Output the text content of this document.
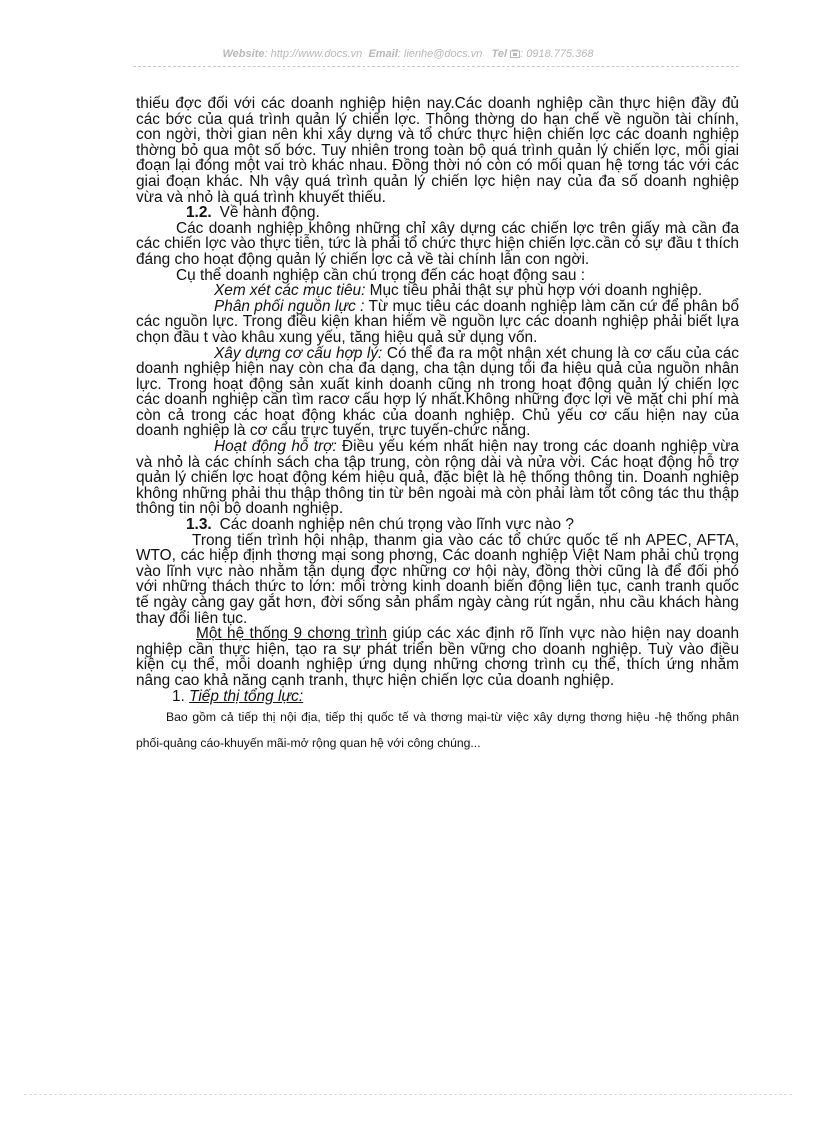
Website: http://www.docs.vn Email: lienhe@docs.vn Tel : 0918.775.368

thiếu đợc đối với các doanh nghiệp hiện nay.Các doanh nghiệp cần thực hiện đầy đủ các bớc của quá trình quản lý chiến lợc. Thông thờng do hạn chế về nguồn tài chính, con ngời, thời gian nên khi xây dựng và tổ chức thực hiện chiến lợc các doanh nghiệp thờng bỏ qua một số bớc. Tuy nhiên trong toàn bộ quá trình quản lý chiến lợc, mỗi giai đoạn lại đóng một vai trò khác nhau. Đồng thời nó còn có mối quan hệ tơng tác với các giai đoạn khác. Nh vậy quá trình quản lý chiến lợc hiện nay của đa số doanh nghiệp vừa và nhỏ là quá trình khuyết thiếu.

1.2. Về hành động.

Các doanh nghiệp không những chỉ xây dựng các chiến lợc trên giấy mà cần đa các chiến lợc vào thực tiễn, tức là phải tổ chức thực hiện chiến lợc.cần có sự đầu t thích đáng cho hoạt động quản lý chiến lợc cả về tài chính lẫn con ngời.

Cụ thể doanh nghiệp cần chú trọng đến các hoạt động sau :

Xem xét các mục tiêu: Mục tiêu phải thật sự phù hợp với doanh nghiệp.

Phân phối nguồn lực : Từ mục tiêu các doanh nghiệp làm căn cứ để phân bổ các nguồn lực. Trong điều kiện khan hiếm về nguồn lực các doanh nghiệp phải biết lựa chọn đầu t vào khâu xung yếu, tăng hiệu quả sử dụng vốn.

Xây dựng cơ cấu hợp lý: Có thể đa ra một nhận xét chung là cơ cấu của các doanh nghiệp hiện nay còn cha đa dạng, cha tận dụng tối đa hiệu quả của nguồn nhân lực. Trong hoạt động sản xuất kinh doanh cũng nh trong hoạt động quản lý chiến lợc các doanh nghiệp cần tìm racơ cấu hợp lý nhất.Không những đợc lợi về mặt chi phí mà còn cả trong các hoạt động khác của doanh nghiệp. Chủ yếu cơ cấu hiện nay của doanh nghiệp là cơ cấu trực tuyến, trực tuyến-chức năng.

Hoạt động hỗ trợ: Điều yếu kém nhất hiện nay trong các doanh nghiệp vừa và nhỏ là các chính sách cha tập trung, còn rộng dài và nửa vời. Các hoạt động hỗ trợ quản lý chiến lợc hoạt động kém hiệu quả, đặc biệt là hệ thống thông tin. Doanh nghiệp không những phải thu thập thông tin từ bên ngoài mà còn phải làm tốt công tác thu thập thông tin nội bộ doanh nghiệp.

1.3. Các doanh nghiệp nên chú trọng vào lĩnh vực nào ?

Trong tiến trình hội nhập, thanm gia vào các tổ chức quốc tế nh APEC, AFTA, WTO, các hiệp định thơng mại song phơng, Các doanh nghiệp Việt Nam phải chủ trọng vào lĩnh vực nào nhằm tận dụng đợc những cơ hội này, đồng thời cũng là để đối phó với những thách thức to lớn: môi trờng kinh doanh biến động liên tục, canh tranh quốc tế ngày càng gay gắt hơn, đời sống sản phẩm ngày càng rút ngắn, nhu cầu khách hàng thay đổi liên tục.

Một hệ thống 9 chơng trình giúp các xác định rõ lĩnh vực nào hiện nay doanh nghiệp cần thực hiện, tạo ra sự phát triển bền vững cho doanh nghiệp. Tuỳ vào điều kiện cụ thể, mỗi doanh nghiệp ứng dụng những chơng trình cụ thể, thích ứng nhằm nâng cao khả năng cạnh tranh, thực hiện chiến lợc của doanh nghiệp.

1. Tiếp thị tổng lực:

Bao gồm cả tiếp thị nội địa, tiếp thị quốc tế và thơng mại-từ việc xây dựng thơng hiệu -hệ thống phân phối-quảng cáo-khuyến mãi-mở rộng quan hệ với công chúng...
